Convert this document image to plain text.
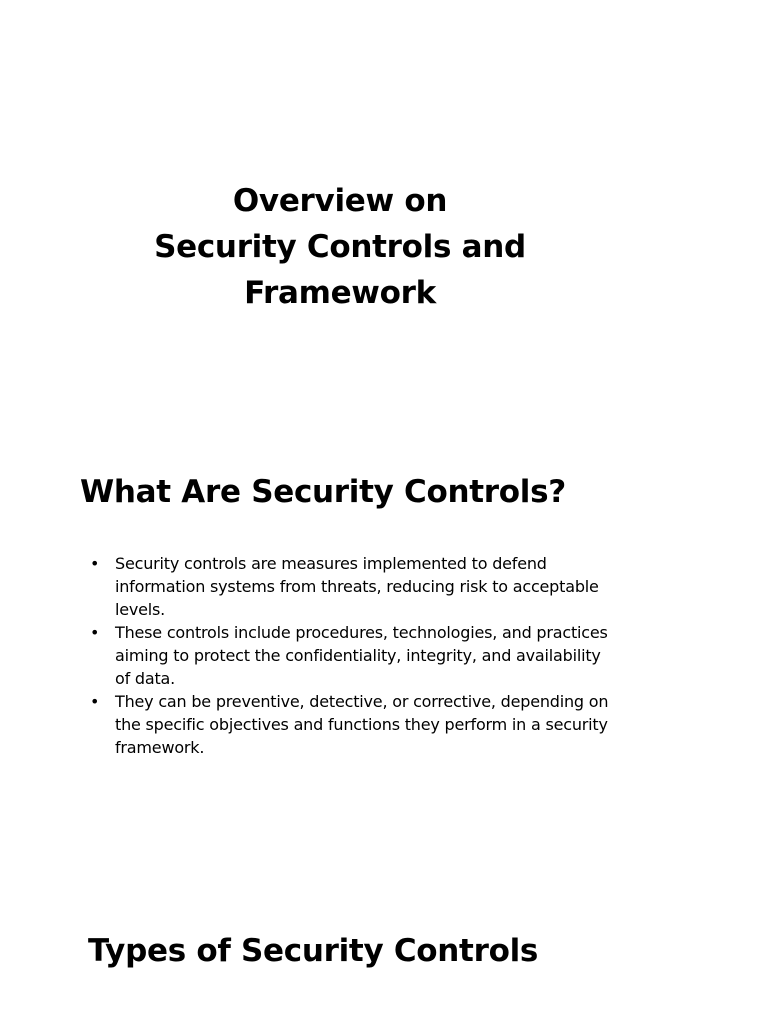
Overview on
Security Controls and
Framework
What Are Security Controls?
• Security controls are measures implemented to defend information systems from threats, reducing risk to acceptable levels.
• These controls include procedures, technologies, and practices aiming to protect the confidentiality, integrity, and availability of data.
• They can be preventive, detective, or corrective, depending on the specific objectives and functions they perform in a security framework.
Types of Security Controls
